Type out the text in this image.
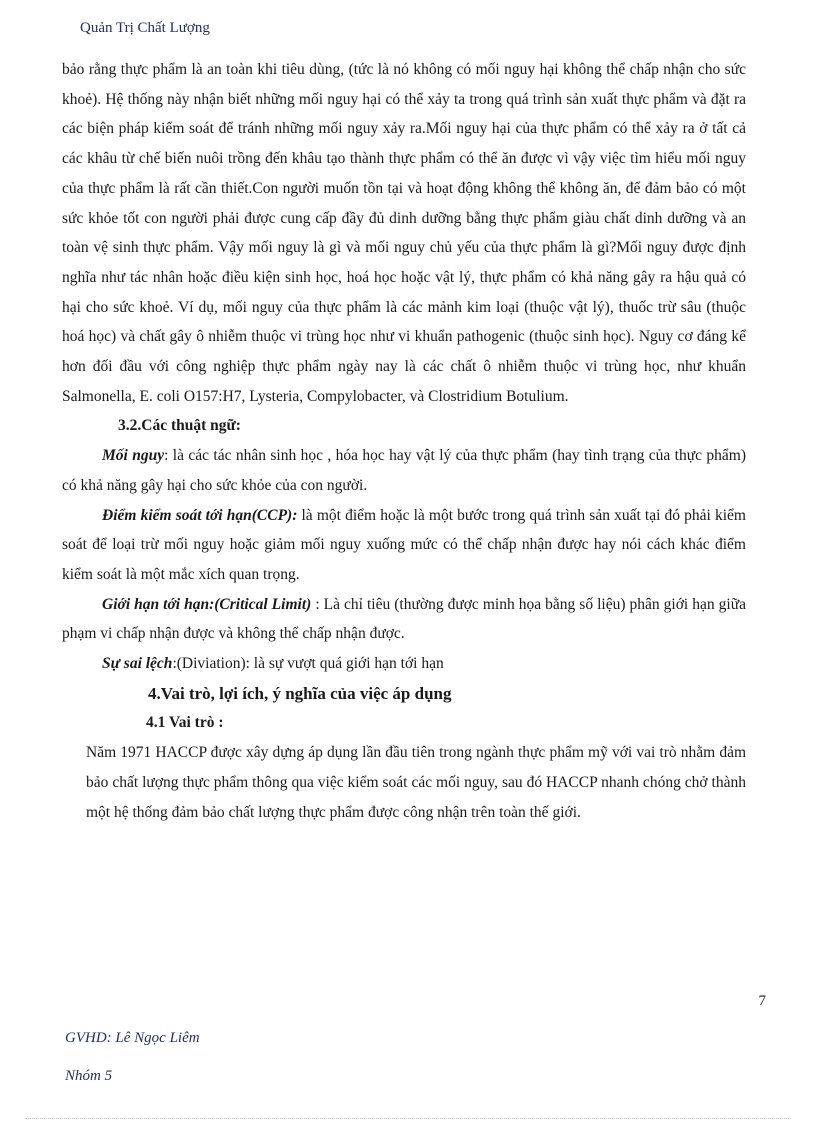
Quản Trị Chất Lượng

bảo rằng thực phẩm là an toàn khi tiêu dùng, (tức là nó không có mối nguy hại không thể chấp nhận cho sức khoẻ). Hệ thống này nhận biết những mối nguy hại có thể xảy ta trong quá trình sản xuất thực phẩm và đặt ra các biện pháp kiểm soát để tránh những mối nguy xảy ra.Mối nguy hại của thực phẩm có thể xảy ra ở tất cả các khâu từ chế biến nuôi trồng đến khâu tạo thành thực phẩm có thể ăn được vì vậy việc tìm hiểu mối nguy của thực phẩm là rất cần thiết.Con người muốn tồn tại và hoạt động không thể không ăn, để đảm bảo có một sức khỏe tốt con người phải được cung cấp đầy đủ dinh dưỡng bằng thực phẩm giàu chất dinh dưỡng và an toàn vệ sinh thực phẩm. Vậy mối nguy là gì và mối nguy chủ yếu của thực phẩm là gì?Mối nguy được định nghĩa như tác nhân hoặc điều kiện sinh học, hoá học hoặc vật lý, thực phẩm có khả năng gây ra hậu quả có hại cho sức khoẻ. Ví dụ, mối nguy của thực phẩm là các mảnh kim loại (thuộc vật lý), thuốc trừ sâu (thuộc hoá học) và chất gây ô nhiễm thuộc vi trùng học như vi khuẩn pathogenic (thuộc sinh học). Nguy cơ đáng kể hơn đối đầu với công nghiệp thực phẩm ngày nay là các chất ô nhiễm thuộc vi trùng học, như khuẩn Salmonella, E. coli O157:H7, Lysteria, Compylobacter, và Clostridium Botulium.

3.2.Các thuật ngữ:

Mối nguy: là các tác nhân sinh học , hóa học hay vật lý của thực phẩm (hay tình trạng của thực phẩm) có khả năng gây hại cho sức khỏe của con người.

Điểm kiểm soát tới hạn(CCP): là một điểm hoặc là một bước trong quá trình sản xuất tại đó phải kiểm soát để loại trừ mối nguy hoặc giảm mối nguy xuống mức có thể chấp nhận được hay nói cách khác điểm kiểm soát là một mắc xích quan trọng.

Giới hạn tới hạn:(Critical Limit) : Là chỉ tiêu (thường được minh họa bằng số liệu) phân giới hạn giữa phạm vi chấp nhận được và không thể chấp nhận được.

Sự sai lệch:(Diviation): là sự vượt quá giới hạn tới hạn

4.Vai trò, lợi ích, ý nghĩa của việc áp dụng

4.1 Vai trò :

Năm 1971 HACCP được xây dựng áp dụng lần đầu tiên trong ngành thực phẩm mỹ với vai trò nhằm đảm bảo chất lượng thực phẩm thông qua việc kiểm soát các mối nguy, sau đó HACCP nhanh chóng chở thành một hệ thống đảm bảo chất lượng thực phẩm được công nhận trên toàn thế giới.

7
GVHD: Lê Ngọc Liêm
Nhóm 5
